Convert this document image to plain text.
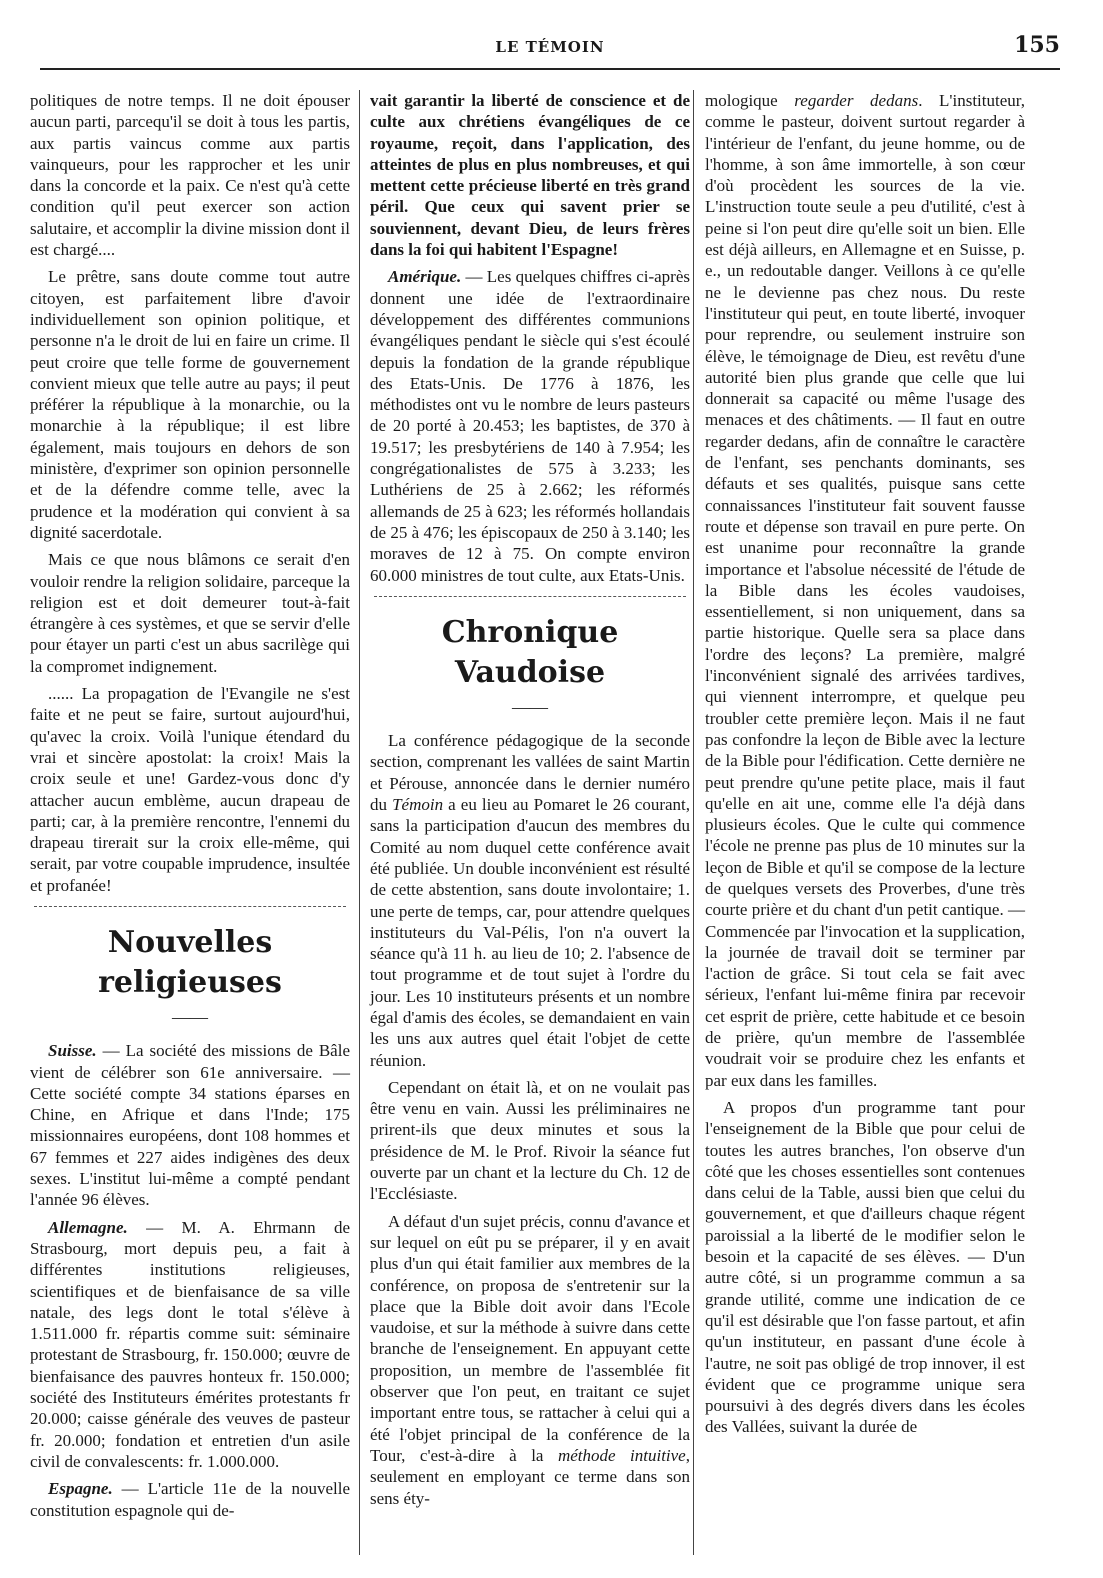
LE TÉMOIN	155

politiques de notre temps. Il ne doit épouser aucun parti, parcequ'il se doit à tous les partis, aux partis vaincus comme aux partis vainqueurs, pour les rapprocher et les unir dans la concorde et la paix. Ce n'est qu'à cette condition qu'il peut exercer son action salutaire, et accomplir la divine mission dont il est chargé....

Le prêtre, sans doute comme tout autre citoyen, est parfaitement libre d'avoir individuellement son opinion politique, et personne n'a le droit de lui en faire un crime. Il peut croire que telle forme de gouvernement convient mieux que telle autre au pays; il peut préférer la république à la monarchie, ou la monarchie à la république; il est libre également, mais toujours en dehors de son ministère, d'exprimer son opinion personnelle et de la défendre comme telle, avec la prudence et la modération qui convient à sa dignité sacerdotale.

Mais ce que nous blâmons ce serait d'en vouloir rendre la religion solidaire, parceque la religion est et doit demeurer tout-à-fait étrangère à ces systèmes, et que se servir d'elle pour étayer un parti c'est un abus sacrilège qui la compromet indignement.

...... La propagation de l'Evangile ne s'est faite et ne peut se faire, surtout aujourd'hui, qu'avec la croix. Voilà l'unique étendard du vrai et sincère apostolat: la croix! Mais la croix seule et une! Gardez-vous donc d'y attacher aucun emblème, aucun drapeau de parti; car, à la première rencontre, l'ennemi du drapeau tirerait sur la croix elle-même, qui serait, par votre coupable imprudence, insultée et profanée!

Nouvelles religieuses
——

Suisse. — La société des missions de Bâle vient de célébrer son 61e anniversaire. — Cette société compte 34 stations éparses en Chine, en Afrique et dans l'Inde; 175 missionnaires européens, dont 108 hommes et 67 femmes et 227 aides indigènes des deux sexes. L'institut lui-même a compté pendant l'année 96 élèves.

Allemagne. — M. A. Ehrmann de Strasbourg, mort depuis peu, a fait à différentes institutions religieuses, scientifiques et de bienfaisance de sa ville natale, des legs dont le total s'élève à 1.511.000 fr. répartis comme suit: séminaire protestant de Strasbourg, fr. 150.000; œuvre de bienfaisance des pauvres honteux fr. 150.000; société des Instituteurs émérites protestants fr 20.000; caisse générale des veuves de pasteur fr. 20.000; fondation et entretien d'un asile civil de convalescents: fr. 1.000.000.

Espagne. — L'article 11e de la nouvelle constitution espagnole qui de-

vait garantir la liberté de conscience et de culte aux chrétiens évangéliques de ce royaume, reçoit, dans l'application, des atteintes de plus en plus nombreuses, et qui mettent cette précieuse liberté en très grand péril. Que ceux qui savent prier se souviennent, devant Dieu, de leurs frères dans la foi qui habitent l'Espagne!

Amérique. — Les quelques chiffres ci-après donnent une idée de l'extraordinaire développement des différentes communions évangéliques pendant le siècle qui s'est écoulé depuis la fondation de la grande république des Etats-Unis. De 1776 à 1876, les méthodistes ont vu le nombre de leurs pasteurs de 20 porté à 20.453; les baptistes, de 370 à 19.517; les presbytériens de 140 à 7.954; les congrégationalistes de 575 à 3.233; les Luthériens de 25 à 2.662; les réformés allemands de 25 à 623; les réformés hollandais de 25 à 476; les épiscopaux de 250 à 3.140; les moraves de 12 à 75. On compte environ 60.000 ministres de tout culte, aux Etats-Unis.

Chronique Vaudoise
——

La conférence pédagogique de la seconde section, comprenant les vallées de saint Martin et Pérouse, annoncée dans le dernier numéro du Témoin a eu lieu au Pomaret le 26 courant, sans la participation d'aucun des membres du Comité au nom duquel cette conférence avait été publiée. Un double inconvénient est résulté de cette abstention, sans doute involontaire; 1. une perte de temps, car, pour attendre quelques instituteurs du Val-Pélis, l'on n'a ouvert la séance qu'à 11 h. au lieu de 10; 2. l'absence de tout programme et de tout sujet à l'ordre du jour. Les 10 instituteurs présents et un nombre égal d'amis des écoles, se demandaient en vain les uns aux autres quel était l'objet de cette réunion.

Cependant on était là, et on ne voulait pas être venu en vain. Aussi les préliminaires ne prirent-ils que deux minutes et sous la présidence de M. le Prof. Rivoir la séance fut ouverte par un chant et la lecture du Ch. 12 de l'Ecclésiaste.

A défaut d'un sujet précis, connu d'avance et sur lequel on eût pu se préparer, il y en avait plus d'un qui était familier aux membres de la conférence, on proposa de s'entretenir sur la place que la Bible doit avoir dans l'Ecole vaudoise, et sur la méthode à suivre dans cette branche de l'enseignement. En appuyant cette proposition, un membre de l'assemblée fit observer que l'on peut, en traitant ce sujet important entre tous, se rattacher à celui qui a été l'objet principal de la conférence de la Tour, c'est-à-dire à la méthode intuitive, seulement en employant ce terme dans son sens éty-

mologique regarder dedans. L'instituteur, comme le pasteur, doivent surtout regarder à l'intérieur de l'enfant, du jeune homme, ou de l'homme, à son âme immortelle, à son cœur d'où procèdent les sources de la vie. L'instruction toute seule a peu d'utilité, c'est à peine si l'on peut dire qu'elle soit un bien. Elle est déjà ailleurs, en Allemagne et en Suisse, p. e., un redoutable danger. Veillons à ce qu'elle ne le devienne pas chez nous. Du reste l'instituteur qui peut, en toute liberté, invoquer pour reprendre, ou seulement instruire son élève, le témoignage de Dieu, est revêtu d'une autorité bien plus grande que celle que lui donnerait sa capacité ou même l'usage des menaces et des châtiments. — Il faut en outre regarder dedans, afin de connaître le caractère de l'enfant, ses penchants dominants, ses défauts et ses qualités, puisque sans cette connaissances l'instituteur fait souvent fausse route et dépense son travail en pure perte. On est unanime pour reconnaître la grande importance et l'absolue nécessité de l'étude de la Bible dans les écoles vaudoises, essentiellement, si non uniquement, dans sa partie historique. Quelle sera sa place dans l'ordre des leçons? La première, malgré l'inconvénient signalé des arrivées tardives, qui viennent interrompre, et quelque peu troubler cette première leçon. Mais il ne faut pas confondre la leçon de Bible avec la lecture de la Bible pour l'édification. Cette dernière ne peut prendre qu'une petite place, mais il faut qu'elle en ait une, comme elle l'a déjà dans plusieurs écoles. Que le culte qui commence l'école ne prenne pas plus de 10 minutes sur la leçon de Bible et qu'il se compose de la lecture de quelques versets des Proverbes, d'une très courte prière et du chant d'un petit cantique. — Commencée par l'invocation et la supplication, la journée de travail doit se terminer par l'action de grâce. Si tout cela se fait avec sérieux, l'enfant lui-même finira par recevoir cet esprit de prière, cette habitude et ce besoin de prière, qu'un membre de l'assemblée voudrait voir se produire chez les enfants et par eux dans les familles.

A propos d'un programme tant pour l'enseignement de la Bible que pour celui de toutes les autres branches, l'on observe d'un côté que les choses essentielles sont contenues dans celui de la Table, aussi bien que celui du gouvernement, et que d'ailleurs chaque régent paroissial a la liberté de le modifier selon le besoin et la capacité de ses élèves. — D'un autre côté, si un programme commun a sa grande utilité, comme une indication de ce qu'il est désirable que l'on fasse partout, et afin qu'un instituteur, en passant d'une école à l'autre, ne soit pas obligé de trop innover, il est évident que ce programme unique sera poursuivi à des degrés divers dans les écoles des Vallées, suivant la durée de
